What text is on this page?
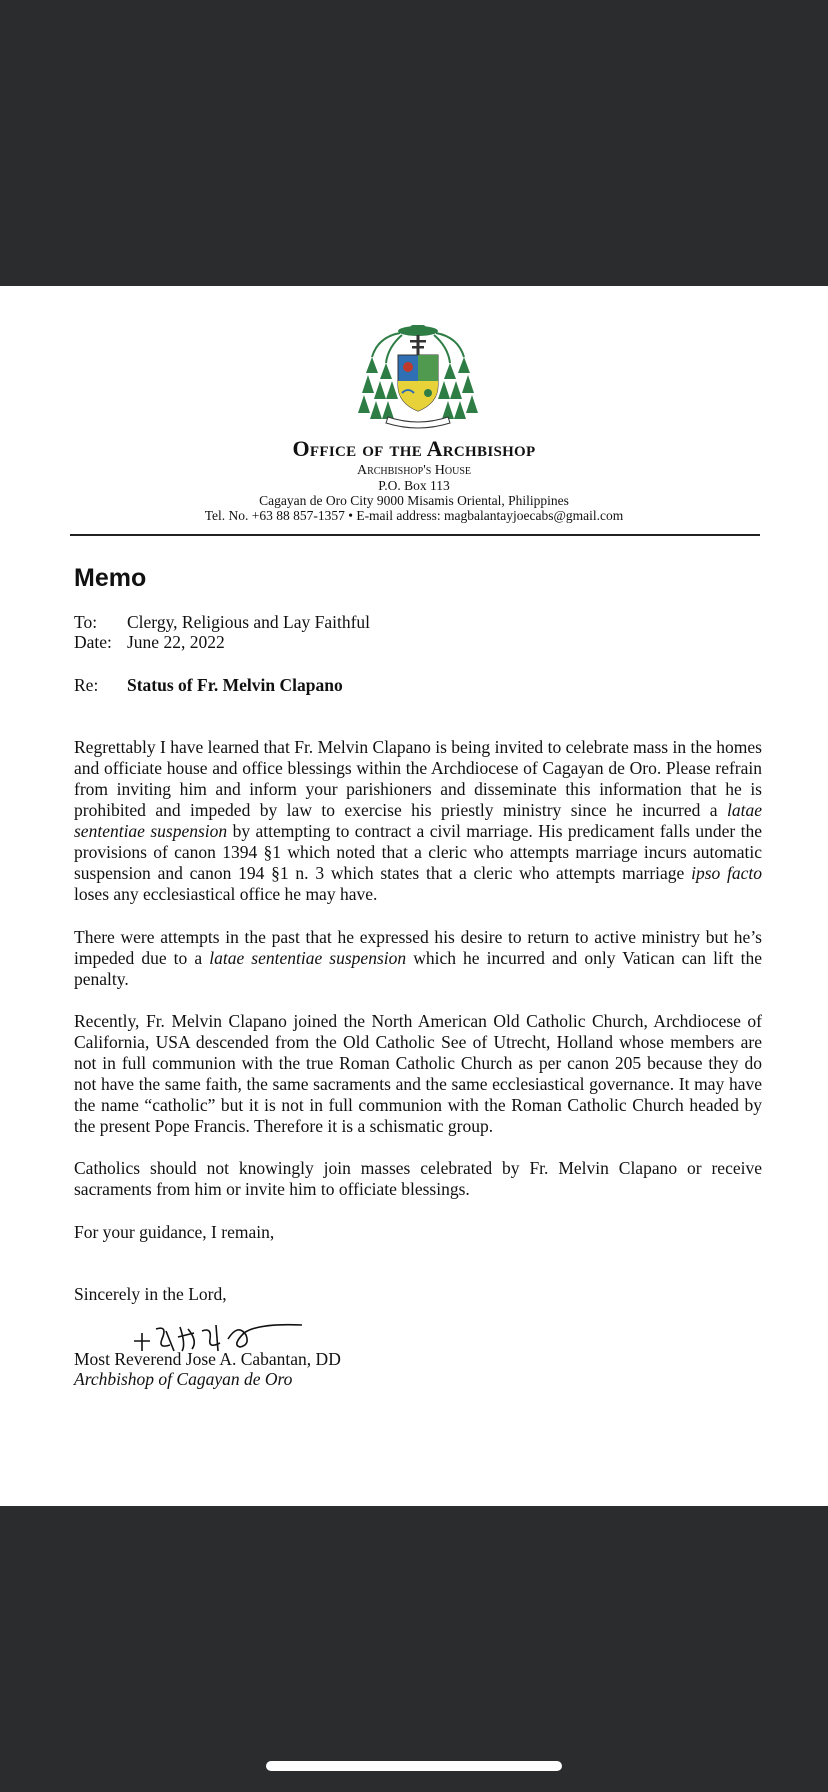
Office of the Archbishop
Archbishop's House
P.O. Box 113
Cagayan de Oro City 9000 Misamis Oriental, Philippines
Tel. No. +63 88 857-1357 • E-mail address: magbalantayjoecabs@gmail.com
Memo
To: Clergy, Religious and Lay Faithful
Date: June 22, 2022
Re: Status of Fr. Melvin Clapano

Regrettably I have learned that Fr. Melvin Clapano is being invited to celebrate mass in the homes and officiate house and office blessings within the Archdiocese of Cagayan de Oro. Please refrain from inviting him and inform your parishioners and disseminate this information that he is prohibited and impeded by law to exercise his priestly ministry since he incurred a latae sententiae suspension by attempting to contract a civil marriage. His predicament falls under the provisions of canon 1394 §1 which noted that a cleric who attempts marriage incurs automatic suspension and canon 194 §1 n. 3 which states that a cleric who attempts marriage ipso facto loses any ecclesiastical office he may have.

There were attempts in the past that he expressed his desire to return to active ministry but he’s impeded due to a latae sententiae suspension which he incurred and only Vatican can lift the penalty.

Recently, Fr. Melvin Clapano joined the North American Old Catholic Church, Archdiocese of California, USA descended from the Old Catholic See of Utrecht, Holland whose members are not in full communion with the true Roman Catholic Church as per canon 205 because they do not have the same faith, the same sacraments and the same ecclesiastical governance. It may have the name “catholic” but it is not in full communion with the Roman Catholic Church headed by the present Pope Francis. Therefore it is a schismatic group.

Catholics should not knowingly join masses celebrated by Fr. Melvin Clapano or receive sacraments from him or invite him to officiate blessings.

For your guidance, I remain,

Sincerely in the Lord,

Most Reverend Jose A. Cabantan, DD
Archbishop of Cagayan de Oro
